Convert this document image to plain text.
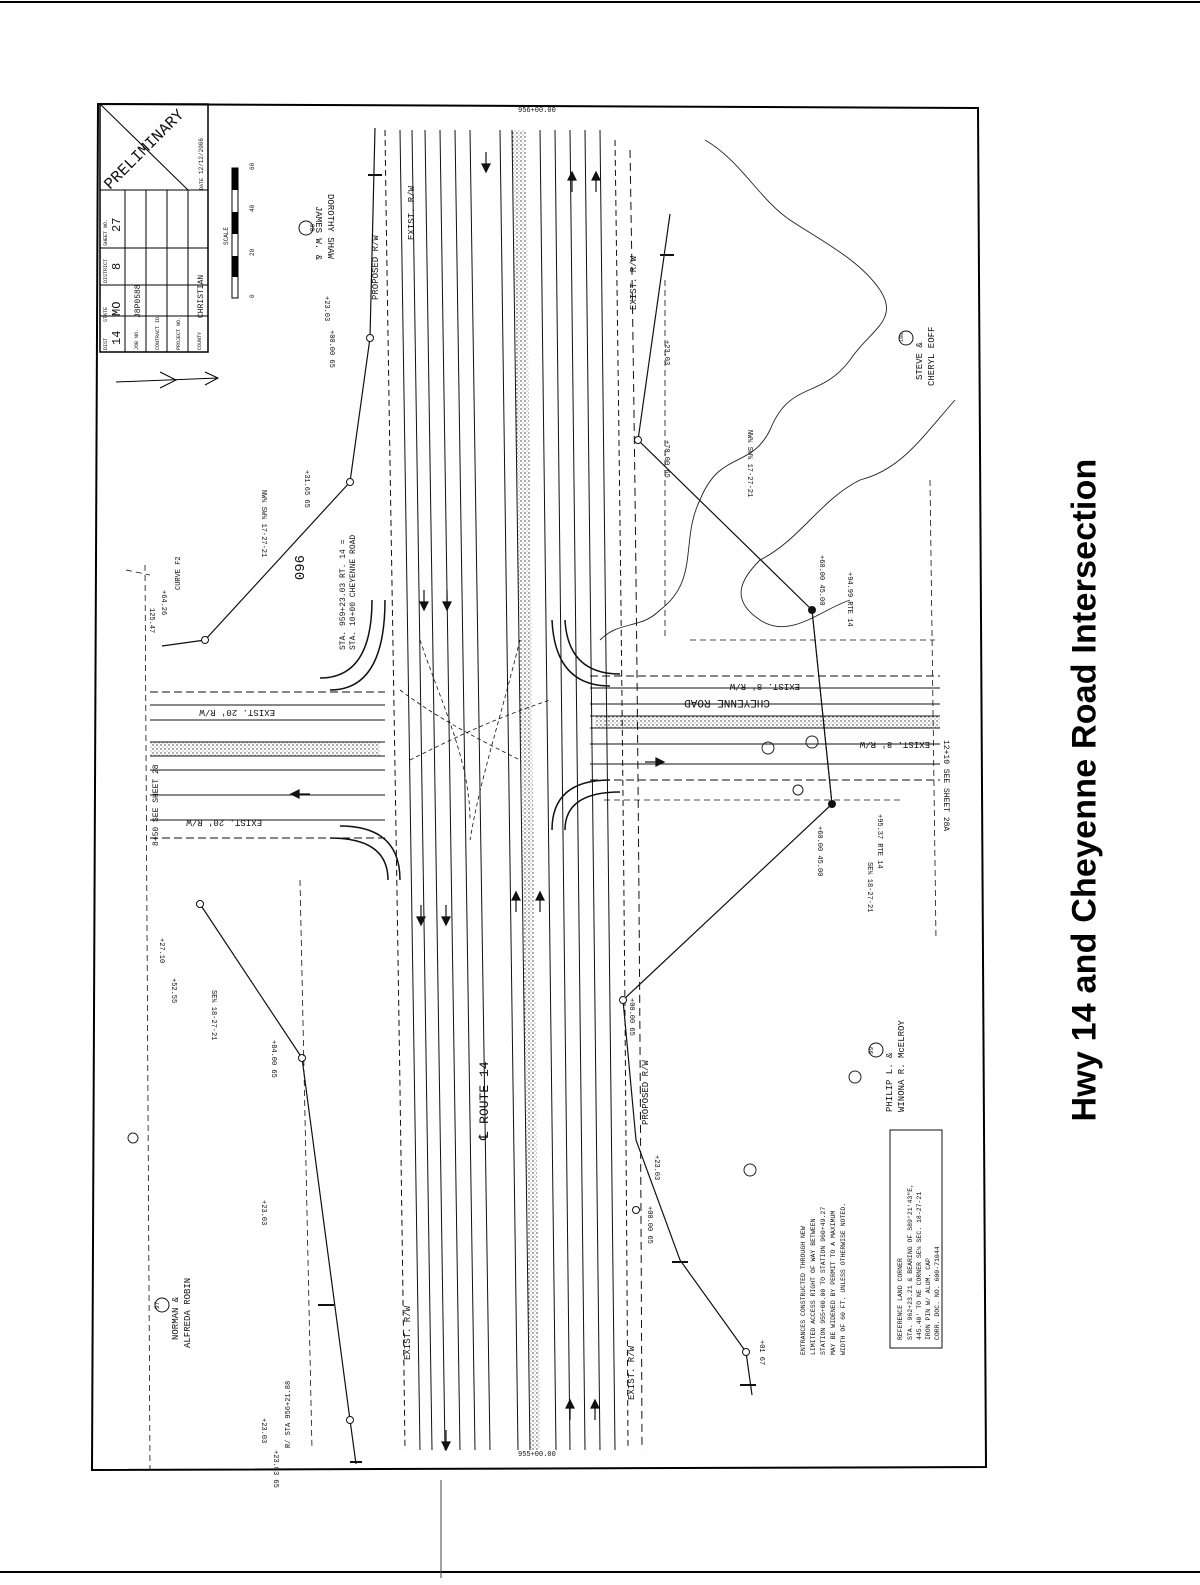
PRELIMINARY
DIST 14
STATE MO
DISTRICT 8
SHEET NO. 27
JOB NO.
J8P0588
CONTRACT ID.	PROJECT NO.	COUNTY
CHRISTIAN
DATE
12/12/2006
SCALE
0
20
40
60
℄ ROUTE 14
CHEYENNE ROAD
EXIST. R/W
EXIST. R/W
EXIST. R/W
EXIST. R/W
EXIST. 20' R/W
EXIST. 20' R/W
EXIST. 8' R/W
EXIST. 8' R/W
PROPOSED R/W
PROPOSED R/W
STA. 959+23.03 RT. 14 = STA. 10+00 CHEYENNE ROAD
8+50 SEE SHEET 28	12+10 SEE SHEET 28A
CURVE F2	960
956+00.00
955+00.00
R/ STA 956+21.88
NW¼ SW¼ 17-27-21
NW¼ SW¼ 17-27-21
SE¼ 18-27-21
SE¼ 18-27-21
98
JAMES W. & DOROTHY SHAW
97 NORMAN & ALFREDA ROBIN
99
PHILIP L. & WINONA R. McELROY
100
STEVE & CHERYL EOFF
+23.03
+00.00 65
+31.65 65
+64.26
125.47
+70.00 65
+23.03
+60.00 45.00	+94.99 RTE 14
+60.00 45.00	+95.37 RTE 14
+84.00 65
+23.03
+00.00 65
+52.55
+27.10
+23.03
+00.00 65
+01 67
+23.03
+23.03 65
ENTRANCES CONSTRUCTED THROUGH NEW LIMITED ACCESS RIGHT OF WAY BETWEEN STATION 955+00.00 TO STATION 960+49.27 MAY BE WIDENED BY PERMIT TO A MAXIMUM WIDTH OF 60 FT. UNLESS OTHERWISE NOTED.	REFERENCE LAND CORNER STA. 962+23.21 & BEARING OF S89°21'43"E, 445.40' TO NE CORNER SE¼ SEC. 18-27-21 IRON PIN W/ ALUM. CAP CORR. DOC. NO. 600-71044
Hwy 14 and Cheyenne Road Intersection
